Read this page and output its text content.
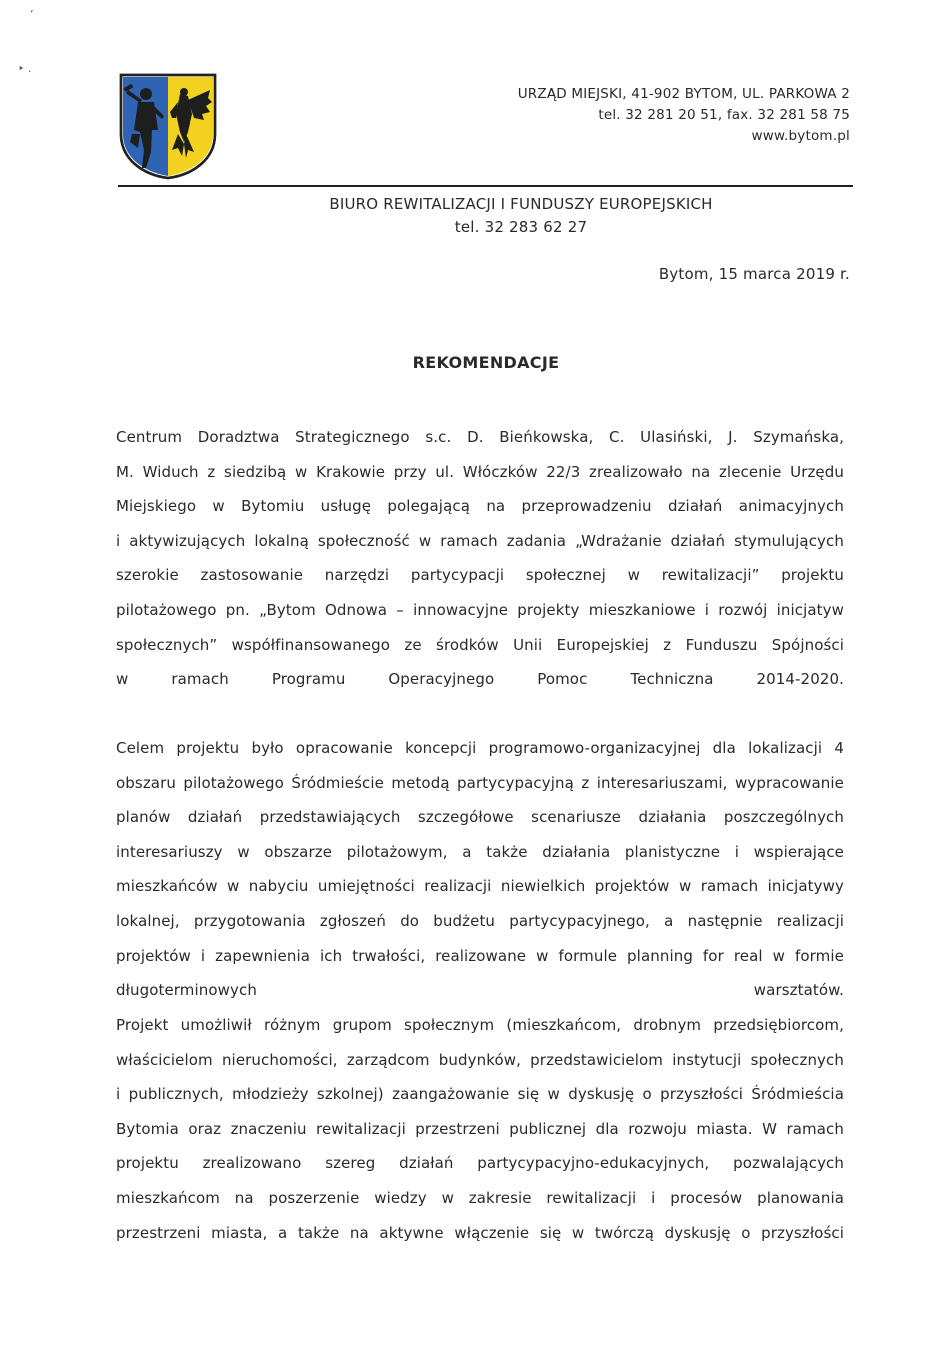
’
‣ .
URZĄD MIEJSKI, 41-902 BYTOM, UL. PARKOWA 2
tel. 32 281 20 51, fax. 32 281 58 75
www.bytom.pl
BIURO REWITALIZACJI I FUNDUSZY EUROPEJSKICH
tel. 32 283 62 27
Bytom, 15 marca 2019 r.
REKOMENDACJE
Centrum Doradztwa Strategicznego s.c. D. Bieńkowska, C. Ulasiński, J. Szymańska,
M. Widuch z siedzibą w Krakowie przy ul. Włóczków 22/3 zrealizowało na zlecenie Urzędu
Miejskiego w Bytomiu usługę polegającą na przeprowadzeniu działań animacyjnych
i aktywizujących lokalną społeczność w ramach zadania „Wdrażanie działań stymulujących
szerokie zastosowanie narzędzi partycypacji społecznej w rewitalizacji” projektu
pilotażowego pn. „Bytom Odnowa – innowacyjne projekty mieszkaniowe i rozwój inicjatyw
społecznych” współfinansowanego ze środków Unii Europejskiej z Funduszu Spójności
w ramach Programu Operacyjnego Pomoc Techniczna 2014-2020.
Celem projektu było opracowanie koncepcji programowo-organizacyjnej dla lokalizacji 4
obszaru pilotażowego Śródmieście metodą partycypacyjną z interesariuszami, wypracowanie
planów działań przedstawiających szczegółowe scenariusze działania poszczególnych
interesariuszy w obszarze pilotażowym, a także działania planistyczne i wspierające
mieszkańców w nabyciu umiejętności realizacji niewielkich projektów w ramach inicjatywy
lokalnej, przygotowania zgłoszeń do budżetu partycypacyjnego, a następnie realizacji
projektów i zapewnienia ich trwałości, realizowane w formule planning for real w formie
długoterminowych warsztatów.
Projekt umożliwił różnym grupom społecznym (mieszkańcom, drobnym przedsiębiorcom,
właścicielom nieruchomości, zarządcom budynków, przedstawicielom instytucji społecznych
i publicznych, młodzieży szkolnej) zaangażowanie się w dyskusję o przyszłości Śródmieścia
Bytomia oraz znaczeniu rewitalizacji przestrzeni publicznej dla rozwoju miasta. W ramach
projektu zrealizowano szereg działań partycypacyjno-edukacyjnych, pozwalających
mieszkańcom na poszerzenie wiedzy w zakresie rewitalizacji i procesów planowania
przestrzeni miasta, a także na aktywne włączenie się w twórczą dyskusję o przyszłości
